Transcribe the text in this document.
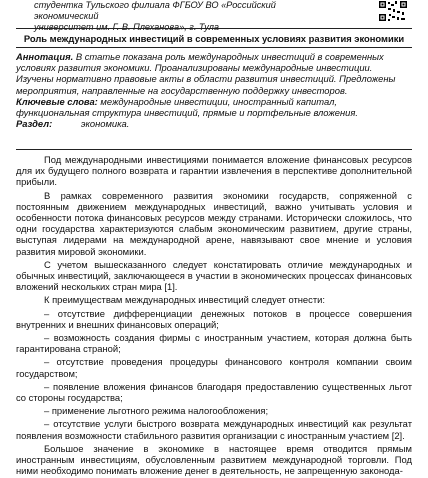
студентка Тульского филиала ФГБОУ ВО «Российский экономический
университет им. Г. В. Плеханова», г. Тула
Роль международных инвестиций в современных условиях развития экономики
Аннотация. В статье показана роль международных инвестиций в современных условиях развития экономики. Проанализированы международные инвестиции. Изучены нормативно правовые акты в области развития инвестиций. Предложены мероприятия, направленные на государственную поддержку инвесторов.
Ключевые слова: международные инвестиции, иностранный капитал, функциональная структура инвестиций, прямые и портфельные вложения.
Раздел:	экономика.

Под международными инвестициями понимается вложение финансовых ресурсов для их будущего полного возврата и гарантии извлечения в перспективе дополнительной прибыли.

В рамках современного развития экономики государств, сопряженной с постоянным движением международных инвестиций, важно учитывать условия и особенности потока финансовых ресурсов между странами. Исторически сложилось, что одни государства характеризуются слабым экономическим развитием, другие страны, выступая лидерами на международной арене, навязывают свое мнение и условия развития мировой экономики.

С учетом вышесказанного следует констатировать отличие международных и обычных инвестиций, заключающееся в участии в экономических процессах финансовых вложений нескольких стран мира [1].

К преимуществам международных инвестиций следует отнести:

– отсутствие дифференциации денежных потоков в процессе совершения внутренних и внешних финансовых операций;

– возможность создания фирмы с иностранным участием, которая должна быть гарантирована страной;

– отсутствие проведения процедуры финансового контроля компании своим государством;

– появление вложения финансов благодаря предоставлению существенных льгот со стороны государства;

– применение льготного режима налогообложения;

– отсутствие услуги быстрого возврата международных инвестиций как результат появления возможности стабильного развития организации с иностранным участием [2].

Большое значение в экономике в настоящее время отводится прямым иностранным инвестициям, обусловленным развитием международной торговли. Под ними необходимо понимать вложение денег в деятельность, не запрещенную законода-
